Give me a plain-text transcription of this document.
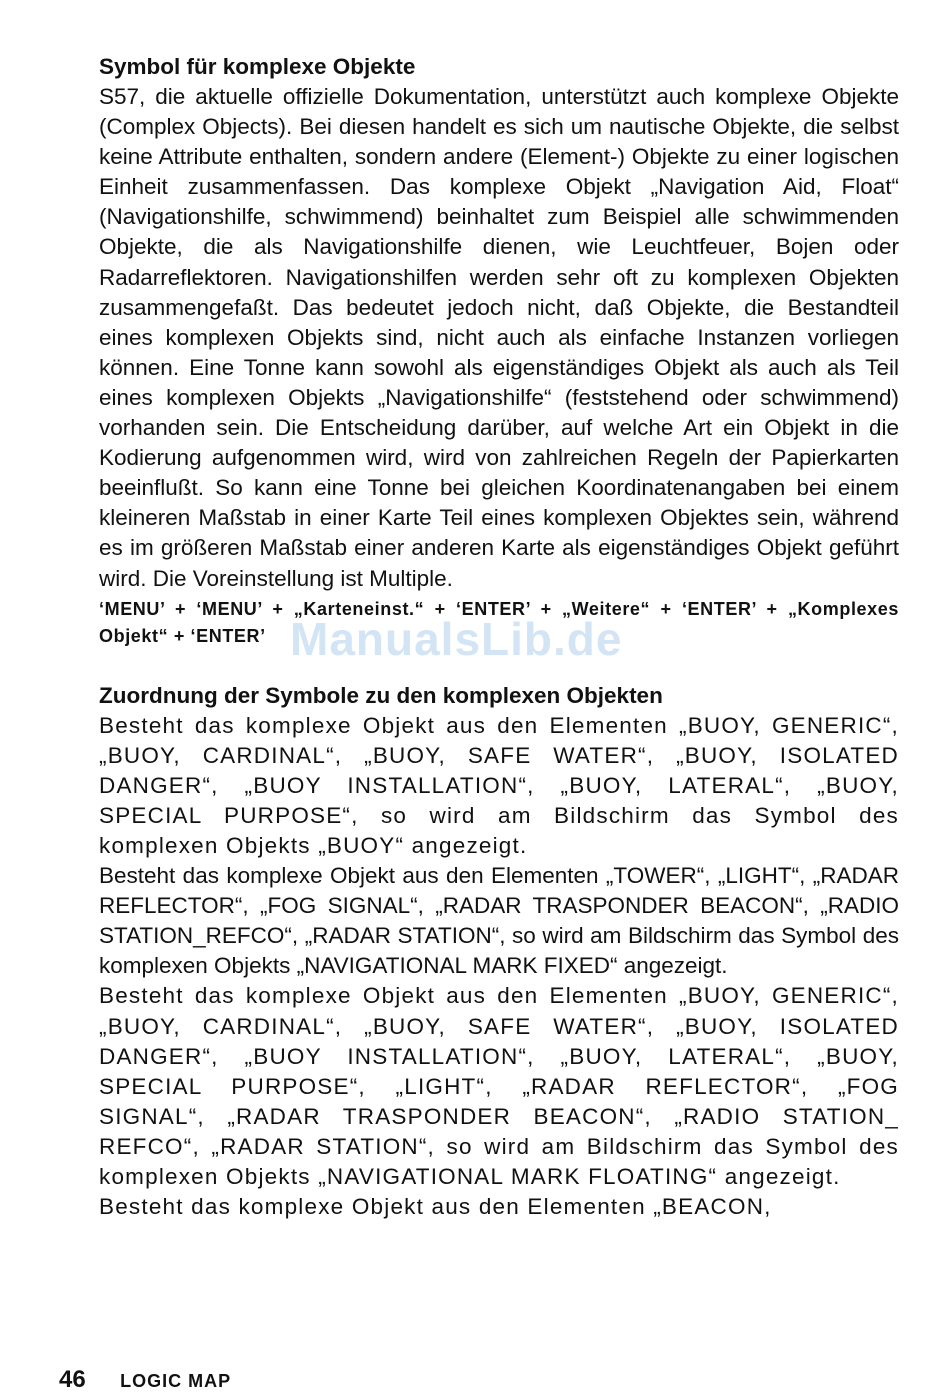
Symbol für komplexe Objekte

S57, die aktuelle offizielle Dokumentation, unterstützt auch komplexe Objekte (Complex Objects). Bei diesen handelt es sich um nautische Objekte, die selbst keine Attribute enthalten, sondern andere (Element-) Objekte zu einer logischen Einheit zusammenfassen. Das komplexe Objekt „Navigation Aid, Float“ (Navigationshilfe, schwimmend) beinhaltet zum Beispiel alle schwimmenden Objekte, die als Navigationshilfe dienen, wie Leuchtfeuer, Bojen oder Radarreflektoren. Navigationshilfen werden sehr oft zu komplexen Objekten zusammengefaßt. Das bedeutet jedoch nicht, daß Objekte, die Bestandteil eines komplexen Objekts sind, nicht auch als einfache Instanzen vorliegen können. Eine Tonne kann sowohl als eigenständiges Objekt als auch als Teil eines komplexen Objekts „Navigationshilfe“ (feststehend oder schwimmend) vorhanden sein. Die Entscheidung darüber, auf welche Art ein Objekt in die Kodierung aufgenommen wird, wird von zahlreichen Regeln der Papierkarten beeinflußt. So kann eine Tonne bei gleichen Koordinatenangaben bei einem kleineren Maßstab in einer Karte Teil eines komplexen Objektes sein, während es im größeren Maßstab einer anderen Karte als eigenständiges Objekt geführt wird. Die Voreinstellung ist Multiple.

‘MENU’ + ‘MENU’ + „Karteneinst.“ + ‘ENTER’ + „Weitere“ + ‘ENTER’ + „Komplexes Objekt“ + ‘ENTER’
Zuordnung der Symbole zu den komplexen Objekten

Besteht das komplexe Objekt aus den Elementen „BUOY, GENERIC“, „BUOY, CARDINAL“, „BUOY, SAFE WATER“, „BUOY, ISOLATED DANGER“, „BUOY INSTALLATION“, „BUOY, LATERAL“, „BUOY, SPECIAL PURPOSE“, so wird am Bildschirm das Symbol des komplexen Objekts „BUOY“ angezeigt.

Besteht das komplexe Objekt aus den Elementen „TOWER“, „LIGHT“, „RADAR REFLECTOR“, „FOG SIGNAL“, „RADAR TRASPONDER BEACON“, „RADIO STATION_REFCO“, „RADAR STATION“, so wird am Bildschirm das Symbol des komplexen Objekts „NAVIGATIONAL MARK FIXED“ angezeigt.

Besteht das komplexe Objekt aus den Elementen „BUOY, GENERIC“, „BUOY, CARDINAL“, „BUOY, SAFE WATER“, „BUOY, ISOLATED DANGER“, „BUOY INSTALLATION“, „BUOY, LATERAL“, „BUOY, SPECIAL PURPOSE“, „LIGHT“, „RADAR REFLECTOR“, „FOG SIGNAL“, „RADAR TRASPONDER BEACON“, „RADIO STATION_ REFCO“, „RADAR STATION“, so wird am Bildschirm das Symbol des komplexen Objekts „NAVIGATIONAL MARK FLOATING“ angezeigt.

Besteht das komplexe Objekt aus den Elementen „BEACON,

ManualsLib.de
46 LOGIC MAP
